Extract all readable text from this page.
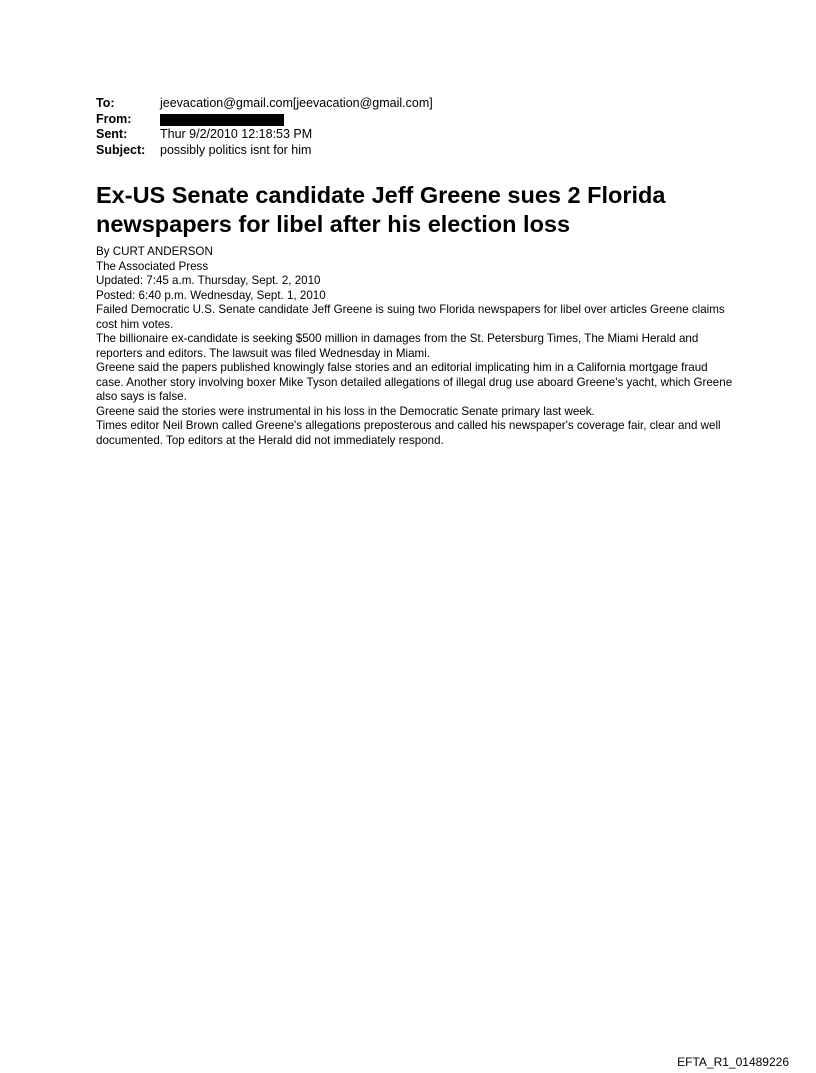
To:	jeevacation@gmail.com[jeevacation@gmail.com]
From:
Sent:	Thur 9/2/2010 12:18:53 PM
Subject: possibly politics isnt for him
Ex-US Senate candidate Jeff Greene sues 2 Florida newspapers for libel after his election loss
By CURT ANDERSON
The Associated Press
Updated: 7:45 a.m. Thursday, Sept. 2, 2010
Posted: 6:40 p.m. Wednesday, Sept. 1, 2010
Failed Democratic U.S. Senate candidate Jeff Greene is suing two Florida newspapers for libel over articles Greene claims cost him votes.
The billionaire ex-candidate is seeking $500 million in damages from the St. Petersburg Times, The Miami Herald and reporters and editors. The lawsuit was filed Wednesday in Miami.
Greene said the papers published knowingly false stories and an editorial implicating him in a California mortgage fraud case. Another story involving boxer Mike Tyson detailed allegations of illegal drug use aboard Greene's yacht, which Greene also says is false.
Greene said the stories were instrumental in his loss in the Democratic Senate primary last week.
Times editor Neil Brown called Greene's allegations preposterous and called his newspaper's coverage fair, clear and well documented. Top editors at the Herald did not immediately respond.
EFTA_R1_01489226
